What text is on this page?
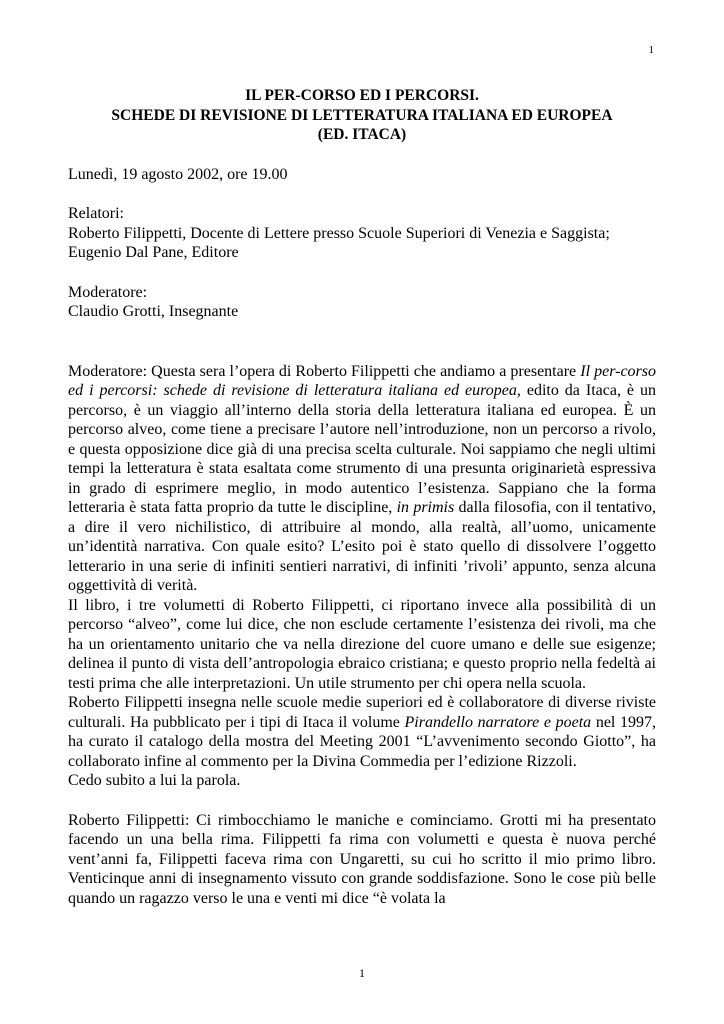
1

IL PER-CORSO ED I PERCORSI.

SCHEDE DI REVISIONE DI LETTERATURA ITALIANA ED EUROPEA

(ED. ITACA)

Lunedì, 19 agosto 2002, ore 19.00

Relatori:

Roberto Filippetti, Docente di Lettere presso Scuole Superiori di Venezia e Saggista;

Eugenio Dal Pane, Editore

Moderatore:

Claudio Grotti, Insegnante

Moderatore: Questa sera l’opera di Roberto Filippetti che andiamo a presentare Il per-corso ed i percorsi: schede di revisione di letteratura italiana ed europea, edito da Itaca, è un percorso, è un viaggio all’interno della storia della letteratura italiana ed europea. È un percorso alveo, come tiene a precisare l’autore nell’introduzione, non un percorso a rivolo, e questa opposizione dice già di una precisa scelta culturale. Noi sappiamo che negli ultimi tempi la letteratura è stata esaltata come strumento di una presunta originarietà espressiva in grado di esprimere meglio, in modo autentico l’esistenza. Sappiano che la forma letteraria è stata fatta proprio da tutte le discipline, in primis dalla filosofia, con il tentativo, a dire il vero nichilistico, di attribuire al mondo, alla realtà, all’uomo, unicamente un’identità narrativa. Con quale esito? L’esito poi è stato quello di dissolvere l’oggetto letterario in una serie di infiniti sentieri narrativi, di infiniti ’rivoli’ appunto, senza alcuna oggettività di verità.

Il libro, i tre volumetti di Roberto Filippetti, ci riportano invece alla possibilità di un percorso “alveo”, come lui dice, che non esclude certamente l’esistenza dei rivoli, ma che ha un orientamento unitario che va nella direzione del cuore umano e delle sue esigenze; delinea il punto di vista dell’antropologia ebraico cristiana; e questo proprio nella fedeltà ai testi prima che alle interpretazioni. Un utile strumento per chi opera nella scuola.

Roberto Filippetti insegna nelle scuole medie superiori ed è collaboratore di diverse riviste culturali. Ha pubblicato per i tipi di Itaca il volume Pirandello narratore e poeta nel 1997, ha curato il catalogo della mostra del Meeting 2001 “L’avvenimento secondo Giotto”, ha collaborato infine al commento per la Divina Commedia per l’edizione Rizzoli.

Cedo subito a lui la parola.

Roberto Filippetti: Ci rimbocchiamo le maniche e cominciamo. Grotti mi ha presentato facendo un una bella rima. Filippetti fa rima con volumetti e questa è nuova perché vent’anni fa, Filippetti faceva rima con Ungaretti, su cui ho scritto il mio primo libro. Venticinque anni di insegnamento vissuto con grande soddisfazione. Sono le cose più belle quando un ragazzo verso le una e venti mi dice “è volata la

1
